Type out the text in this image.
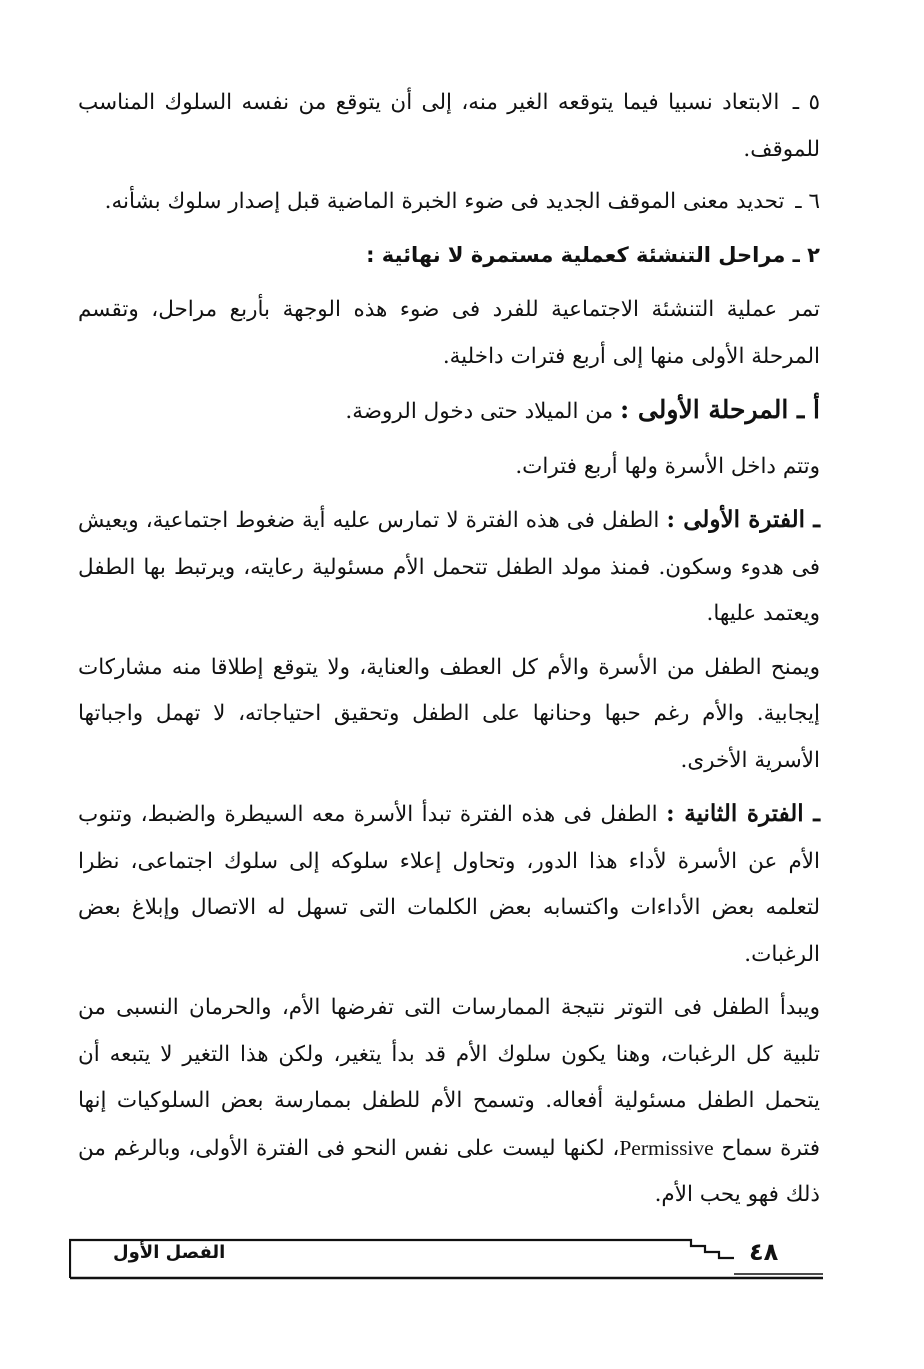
٥ ـ الابتعاد نسبيا فيما يتوقعه الغير منه، إلى أن يتوقع من نفسه السلوك المناسب للموقف.

٦ ـ تحديد معنى الموقف الجديد فى ضوء الخبرة الماضية قبل إصدار سلوك بشأنه.

٢ ـ مراحل التنشئة كعملية مستمرة لا نهائية :

تمر عملية التنشئة الاجتماعية للفرد فى ضوء هذه الوجهة بأربع مراحل، وتقسم المرحلة الأولى منها إلى أربع فترات داخلية.

أ ـ المرحلة الأولى : من الميلاد حتى دخول الروضة.

وتتم داخل الأسرة ولها أربع فترات.

ـ الفترة الأولى : الطفل فى هذه الفترة لا تمارس عليه أية ضغوط اجتماعية، ويعيش فى هدوء وسكون. فمنذ مولد الطفل تتحمل الأم مسئولية رعايته، ويرتبط بها الطفل ويعتمد عليها.

ويمنح الطفل من الأسرة والأم كل العطف والعناية، ولا يتوقع إطلاقا منه مشاركات إيجابية. والأم رغم حبها وحنانها على الطفل وتحقيق احتياجاته، لا تهمل واجباتها الأسرية الأخرى.

ـ الفترة الثانية : الطفل فى هذه الفترة تبدأ الأسرة معه السيطرة والضبط، وتنوب الأم عن الأسرة لأداء هذا الدور، وتحاول إعلاء سلوكه إلى سلوك اجتماعى، نظرا لتعلمه بعض الأداءات واكتسابه بعض الكلمات التى تسهل له الاتصال وإبلاغ بعض الرغبات.

ويبدأ الطفل فى التوتر نتيجة الممارسات التى تفرضها الأم، والحرمان النسبى من تلبية كل الرغبات، وهنا يكون سلوك الأم قد بدأ يتغير، ولكن هذا التغير لا يتبعه أن يتحمل الطفل مسئولية أفعاله. وتسمح الأم للطفل بممارسة بعض السلوكيات إنها فترة سماح Permissive، لكنها ليست على نفس النحو فى الفترة الأولى، وبالرغم من ذلك فهو يحب الأم.

الفصل الأول	٤٨
